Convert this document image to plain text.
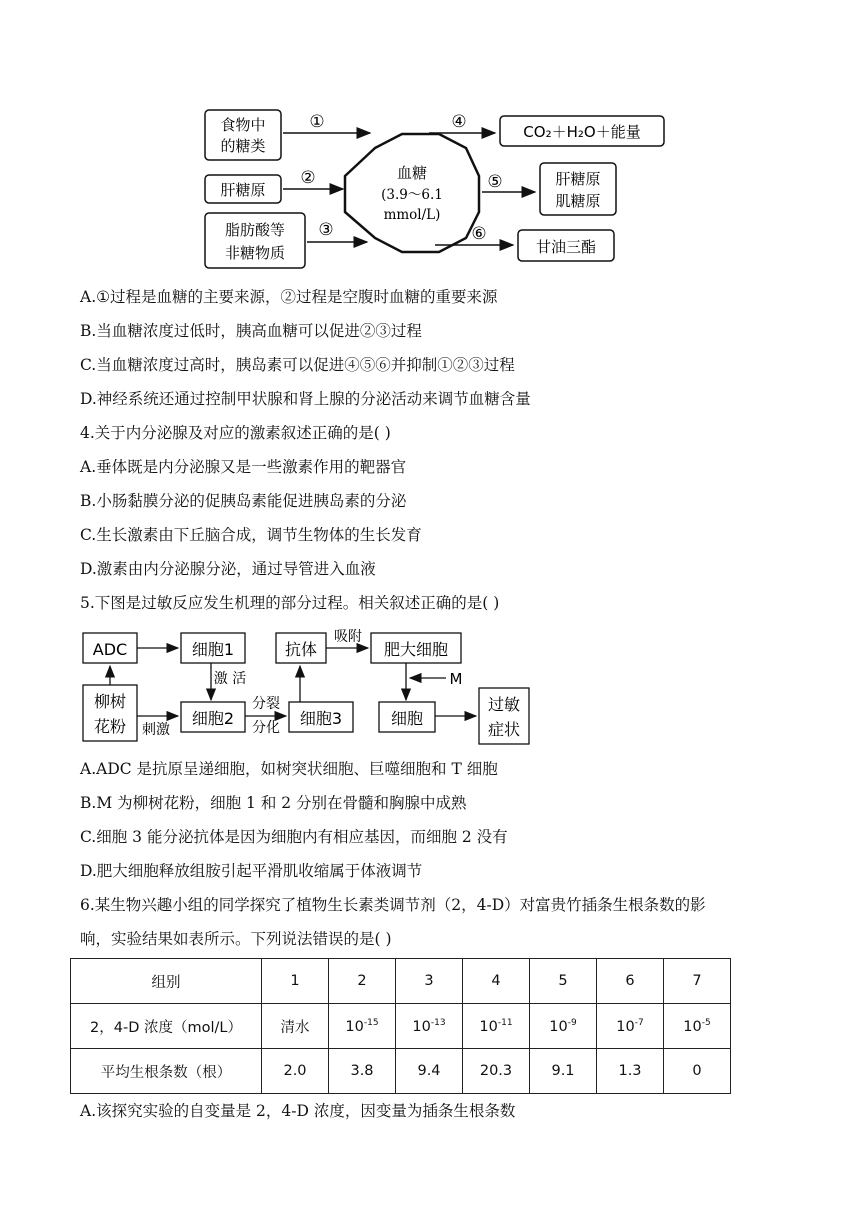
食物中
的糖类
肝糖原
脂肪酸等
非糖物质
①
②
③
血糖
(3.9～6.1
mmol/L)
④	CO₂＋H₂O＋能量
⑤	肝糖原
肌糖原
⑥
甘油三酯
A.①过程是血糖的主要来源，②过程是空腹时血糖的重要来源
B.当血糖浓度过低时，胰高血糖可以促进②③过程
C.当血糖浓度过高时，胰岛素可以促进④⑤⑥并抑制①②③过程
D.神经系统还通过控制甲状腺和肾上腺的分泌活动来调节血糖含量
4.关于内分泌腺及对应的激素叙述正确的是( )
A.垂体既是内分泌腺又是一些激素作用的靶器官
B.小肠黏膜分泌的促胰岛素能促进胰岛素的分泌
C.生长激素由下丘脑合成，调节生物体的生长发育
D.激素由内分泌腺分泌，通过导管进入血液
5.下图是过敏反应发生机理的部分过程。相关叙述正确的是( )
ADC	细胞1
激 活
柳树
花粉 刺激
细胞2
分裂
分化 细胞3
抗体
吸附
肥大细胞
M
细胞
过敏
症状
A.ADC 是抗原呈递细胞，如树突状细胞、巨噬细胞和 T 细胞
B.M 为柳树花粉，细胞 1 和 2 分别在骨髓和胸腺中成熟
C.细胞 3 能分泌抗体是因为细胞内有相应基因，而细胞 2 没有
D.肥大细胞释放组胺引起平滑肌收缩属于体液调节
6.某生物兴趣小组的同学探究了植物生长素类调节剂（2，4-D）对富贵竹插条生根条数的影
响，实验结果如表所示。下列说法错误的是( )
组别	1	2	3	4	5	6	7
2，4-D 浓度（mol/L）	清水	$10^{-15}$	$10^{-13}$	$10^{-11}$	$10^{-9}$	$10^{-7}$	$10^{-5}$
平均生根条数（根）	2.0	3.8	9.4	20.3	9.1	1.3	0
A.该探究实验的自变量是 2，4-D 浓度，因变量为插条生根条数
